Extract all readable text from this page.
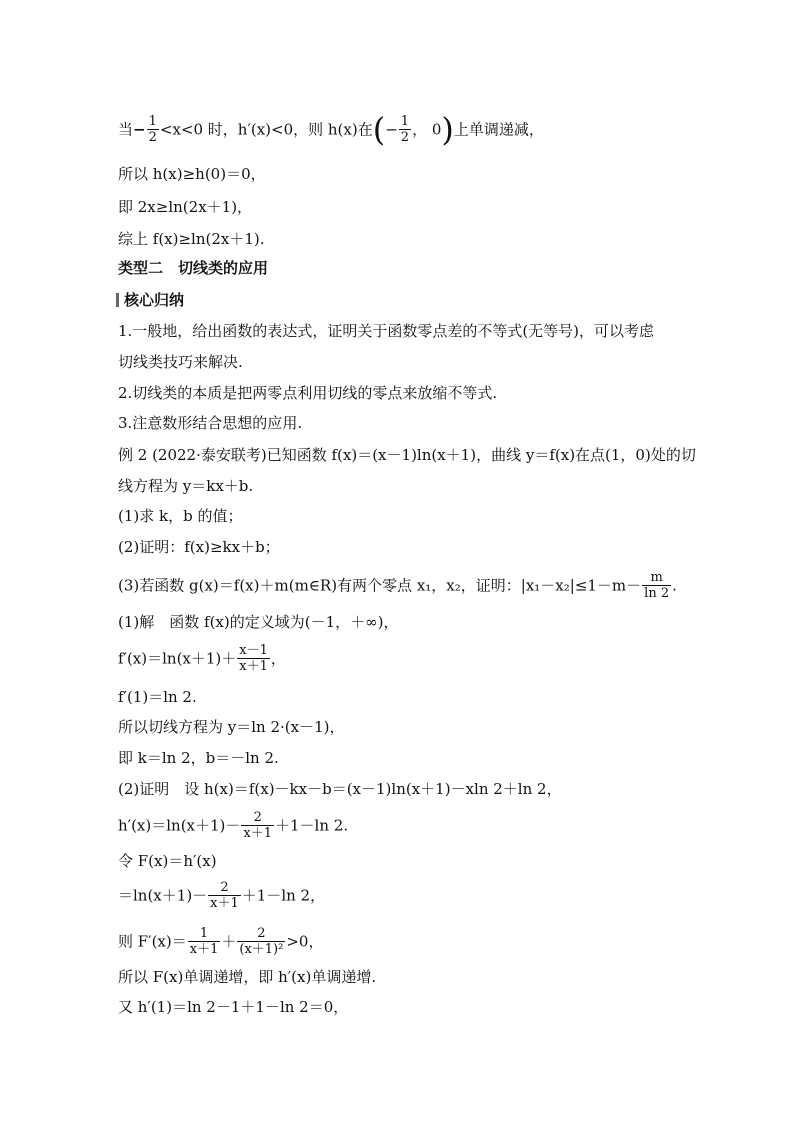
当− $\frac{1}{2} <x<0$ 时，h′(x)<0，则 h(x)在(− $\frac{1}{2}$ ， 0)上单调递减，
所以 h(x)≥h(0)＝0，
即 2x≥ln(2x＋1)，
综上 f(x)≥ln(2x＋1).
类型二　切线类的应用
核心归纳
1.一般地，给出函数的表达式，证明关于函数零点差的不等式(无等号)，可以考虑
切线类技巧来解决.
2.切线类的本质是把两零点利用切线的零点来放缩不等式.
3.注意数形结合思想的应用.
例 2 (2022·泰安联考)已知函数 f(x)＝(x－1)ln(x＋1)，曲线 y＝f(x)在点(1，0)处的切
线方程为 y＝kx＋b.
(1)求 k，b 的值；
(2)证明：f(x)≥kx＋b；
(3)若函数 g(x)＝f(x)＋m(m∈R)有两个零点 x₁，x₂，证明：$|x_1-x_2|\le 1-m- \frac{m}{\ln 2}$ .
(1)解　函数 f(x)的定义域为(－1，＋∞)，
$f'(x)=\ln(x+1)+ \frac{x-1}{x+1}$ ，
f′(1)＝ln 2.
所以切线方程为 y＝ln 2·(x－1)，
即 k＝ln 2，b＝－ln 2.
(2)证明　设 h(x)＝f(x)－kx－b＝(x－1)ln(x＋1)－xln 2＋ln 2，
$h'(x)=\ln(x+1)- \frac{2}{x+1} +1-\ln$ 2.
令 F(x)＝h′(x)
$=\ln(x+1)- \frac{2}{x+1} +1-\ln$ 2，
则 $F'(x)= \frac{1}{x+1} + \frac{2}{\text{(x＋1)²}} >0$，
所以 F(x)单调递增，即 h′(x)单调递增.
又 h′(1)＝ln 2－1＋1－ln 2＝0，
